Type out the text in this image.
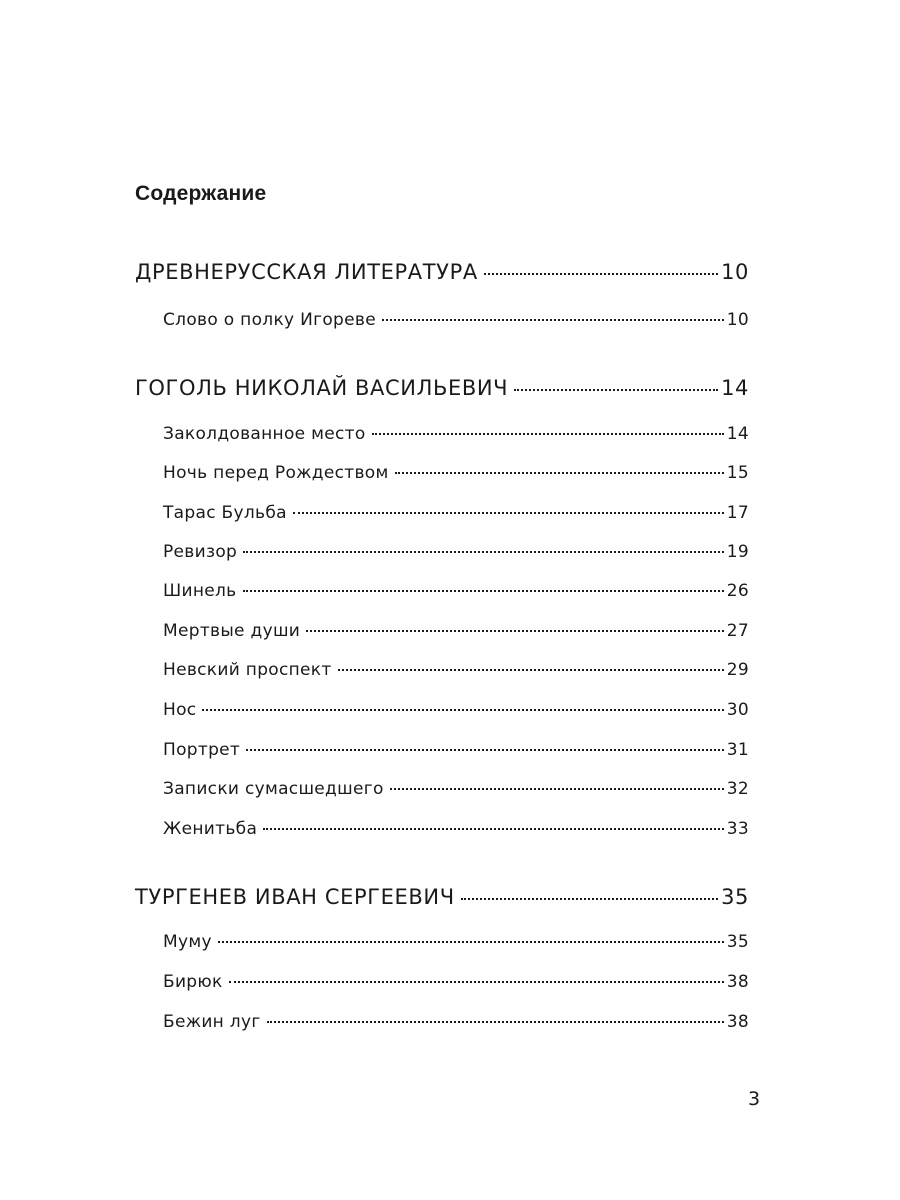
Содержание
ДРЕВНЕРУССКАЯ ЛИТЕРАТУРА	10
Слово о полку Игореве	10
ГОГОЛЬ НИКОЛАЙ ВАСИЛЬЕВИЧ	14
Заколдованное место	14
Ночь перед Рождеством	15
Тарас Бульба	17
Ревизор	19
Шинель	26
Мертвые души	27
Невский проспект	29
Нос	30
Портрет	31
Записки сумасшедшего	32
Женитьба	33
ТУРГЕНЕВ ИВАН СЕРГЕЕВИЧ	35
Муму	35
Бирюк	38
Бежин луг	38
3
